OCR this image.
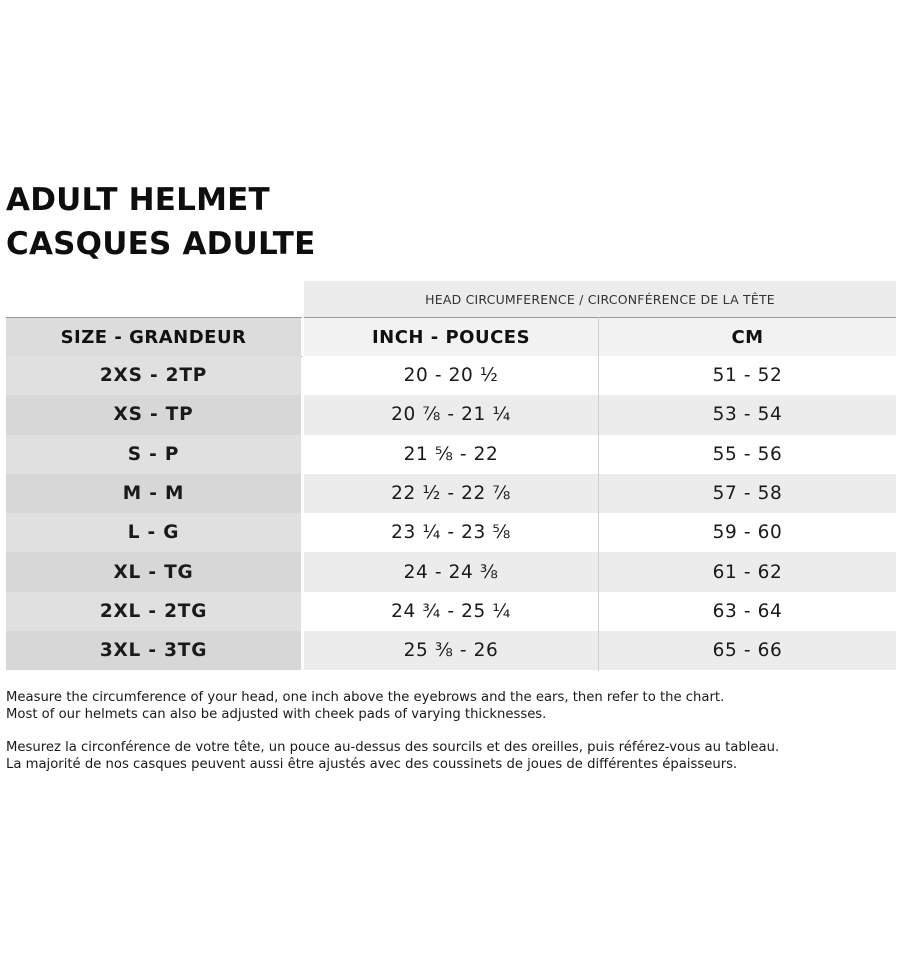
ADULT HELMET
CASQUES ADULTE
HEAD CIRCUMFERENCE / CIRCONFÉRENCE DE LA TÊTE
SIZE - GRANDEUR	INCH - POUCES	CM
2XS - 2TP	20 - 20 ½	51 - 52
XS - TP	20 ⅞ - 21 ¼	53 - 54
S - P	21 ⅝ - 22	55 - 56
M - M	22 ½ - 22 ⅞	57 - 58
L - G	23 ¼ - 23 ⅝	59 - 60
XL - TG	24 - 24 ⅜	61 - 62
2XL - 2TG	24 ¾ - 25 ¼	63 - 64
3XL - 3TG	25 ⅜ - 26	65 - 66

Measure the circumference of your head, one inch above the eyebrows and the ears, then refer to the chart.
Most of our helmets can also be adjusted with cheek pads of varying thicknesses.

Mesurez la circonférence de votre tête, un pouce au-dessus des sourcils et des oreilles, puis référez-vous au tableau.
La majorité de nos casques peuvent aussi être ajustés avec des coussinets de joues de différentes épaisseurs.
